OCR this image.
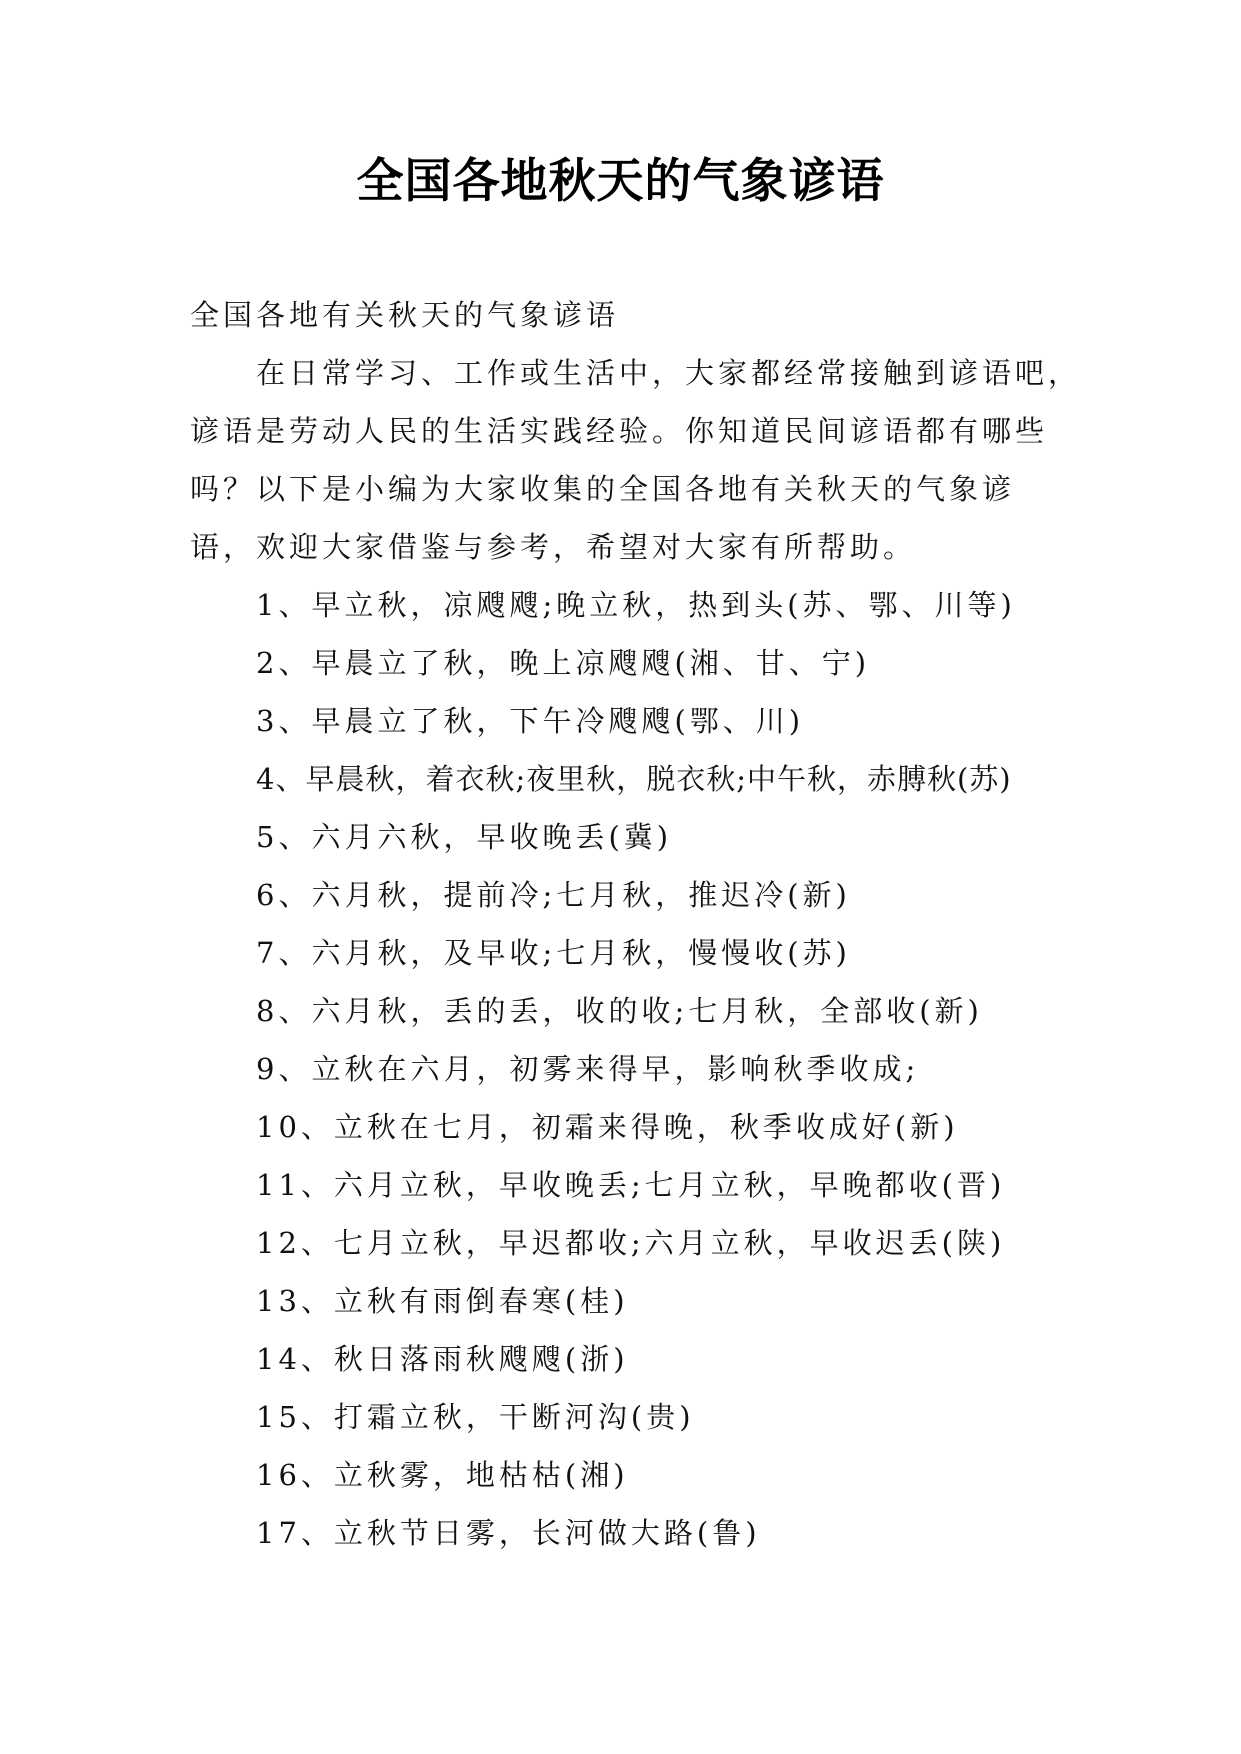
全国各地秋天的气象谚语

全国各地有关秋天的气象谚语

在日常学习、工作或生活中，大家都经常接触到谚语吧，

谚语是劳动人民的生活实践经验。你知道民间谚语都有哪些

吗？以下是小编为大家收集的全国各地有关秋天的气象谚

语，欢迎大家借鉴与参考，希望对大家有所帮助。

1、早立秋，凉飕飕;晚立秋，热到头(苏、鄂、川等)

2、早晨立了秋，晚上凉飕飕(湘、甘、宁)

3、早晨立了秋，下午冷飕飕(鄂、川)

4、早晨秋，着衣秋;夜里秋，脱衣秋;中午秋，赤膊秋(苏)

5、六月六秋，早收晚丢(冀)

6、六月秋，提前冷;七月秋，推迟冷(新)

7、六月秋，及早收;七月秋，慢慢收(苏)

8、六月秋，丢的丢，收的收;七月秋，全部收(新)

9、立秋在六月，初雾来得早，影响秋季收成;

10、立秋在七月，初霜来得晚，秋季收成好(新)

11、六月立秋，早收晚丢;七月立秋，早晚都收(晋)

12、七月立秋，早迟都收;六月立秋，早收迟丢(陕)

13、立秋有雨倒春寒(桂)

14、秋日落雨秋飕飕(浙)

15、打霜立秋，干断河沟(贵)

16、立秋雾，地枯枯(湘)

17、立秋节日雾，长河做大路(鲁)
